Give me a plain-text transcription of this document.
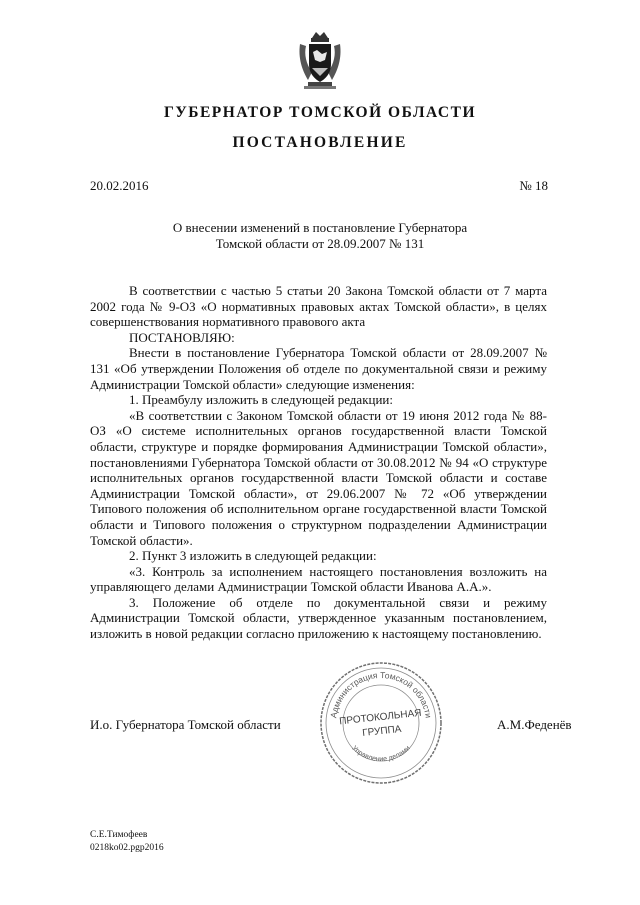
ГУБЕРНАТОР ТОМСКОЙ ОБЛАСТИ
ПОСТАНОВЛЕНИЕ
20.02.2016	№ 18
О внесении изменений в постановление Губернатора
Томской области от 28.09.2007 № 131

В соответствии с частью 5 статьи 20 Закона Томской области от 7 марта 2002 года № 9-ОЗ «О нормативных правовых актах Томской области», в целях совершенствования нормативного правового акта

ПОСТАНОВЛЯЮ:

Внести в постановление Губернатора Томской области от 28.09.2007 № 131 «Об утверждении Положения об отделе по документальной связи и режиму Администрации Томской области» следующие изменения:

1. Преамбулу изложить в следующей редакции:

«В соответствии с Законом Томской области от 19 июня 2012 года № 88-ОЗ «О системе исполнительных органов государственной власти Томской области, структуре и порядке формирования Администрации Томской области», постановлениями Губернатора Томской области от 30.08.2012 № 94 «О структуре исполнительных органов государственной власти Томской области и составе Администрации Томской области», от 29.06.2007 № 72 «Об утверждении Типового положения об исполнительном органе государственной власти Томской области и Типового положения о структурном подразделении Администрации Томской области».

2. Пункт 3 изложить в следующей редакции:

«3. Контроль за исполнением настоящего постановления возложить на управляющего делами Администрации Томской области Иванова А.А.».

3. Положение об отделе по документальной связи и режиму Администрации Томской области, утвержденное указанным постановлением, изложить в новой редакции согласно приложению к настоящему постановлению.

Администрация Томской области
ПРОТОКОЛЬНАЯ
ГРУППА
Управление делами
И.о. Губернатора Томской области	А.М.Феденёв
С.Е.Тимофеев
0218ko02.pgp2016
